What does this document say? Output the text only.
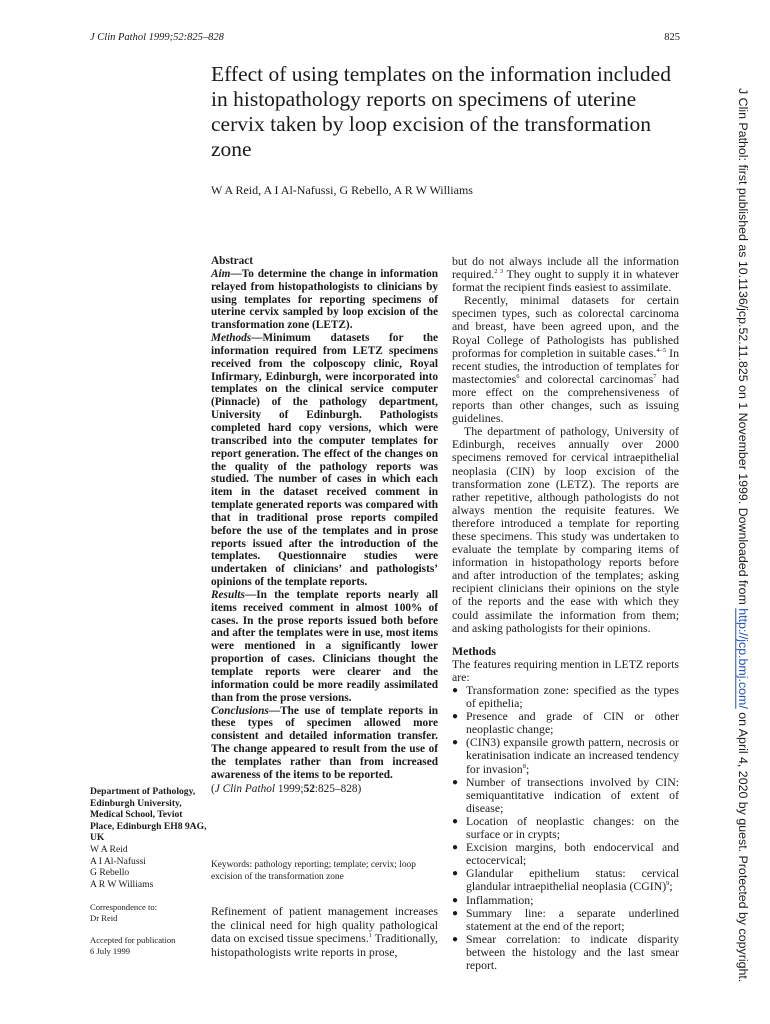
J Clin Pathol 1999;52:825–828	825
Effect of using templates on the information included in histopathology reports on specimens of uterine cervix taken by loop excision of the transformation zone
W A Reid, A I Al-Nafussi, G Rebello, A R W Williams
Department of Pathology, Edinburgh University, Medical School, Teviot Place, Edinburgh EH8 9AG, UK
W A Reid
A I Al-Nafussi
G Rebello
A R W Williams
Correspondence to:
Dr Reid
Accepted for publication
6 July 1999
Abstract
Aim—To determine the change in information relayed from histopathologists to clinicians by using templates for reporting specimens of uterine cervix sampled by loop excision of the transformation zone (LETZ).
Methods—Minimum datasets for the information required from LETZ specimens received from the colposcopy clinic, Royal Infirmary, Edinburgh, were incorporated into templates on the clinical service computer (Pinnacle) of the pathology department, University of Edinburgh. Pathologists completed hard copy versions, which were transcribed into the computer templates for report generation. The effect of the changes on the quality of the pathology reports was studied. The number of cases in which each item in the dataset received comment in template generated reports was compared with that in traditional prose reports compiled before the use of the templates and in prose reports issued after the introduction of the templates. Questionnaire studies were undertaken of clinicians’ and pathologists’ opinions of the template reports.
Results—In the template reports nearly all items received comment in almost 100% of cases. In the prose reports issued both before and after the templates were in use, most items were mentioned in a significantly lower proportion of cases. Clinicians thought the template reports were clearer and the information could be more readily assimilated than from the prose versions.
Conclusions—The use of template reports in these types of specimen allowed more consistent and detailed information transfer. The change appeared to result from the use of the templates rather than from increased awareness of the items to be reported.
(J Clin Pathol 1999;52:825–828)
Keywords: pathology reporting; template; cervix; loop excision of the transformation zone
Refinement of patient management increases the clinical need for high quality pathological data on excised tissue specimens.$^1$ Traditionally, histopathologists write reports in prose,

but do not always include all the information required.$^{2 3}$ They ought to supply it in whatever format the recipient finds easiest to assimilate.

Recently, minimal datasets for certain specimen types, such as colorectal carcinoma and breast, have been agreed upon, and the Royal College of Pathologists has published proformas for completion in suitable cases.$^{4-5}$ In recent studies, the introduction of templates for mastectomies$^6$ and colorectal carcinomas$^7$ had more effect on the comprehensiveness of reports than other changes, such as issuing guidelines.

The department of pathology, University of Edinburgh, receives annually over 2000 specimens removed for cervical intraepithelial neoplasia (CIN) by loop excision of the transformation zone (LETZ). The reports are rather repetitive, although pathologists do not always mention the requisite features. We therefore introduced a template for reporting these specimens. This study was undertaken to evaluate the template by comparing items of information in histopathology reports before and after introduction of the templates; asking recipient clinicians their opinions on the style of the reports and the ease with which they could assimilate the information from them; and asking pathologists for their opinions.

Methods

The features requiring mention in LETZ reports are:

● Transformation zone: specified as the types of epithelia;
● Presence and grade of CIN or other neoplastic change;
● (CIN3) expansile growth pattern, necrosis or keratinisation indicate an increased tendency for invasion$^8$;
● Number of transections involved by CIN: semiquantitative indication of extent of disease;
● Location of neoplastic changes: on the surface or in crypts;
● Excision margins, both endocervical and ectocervical;
● Glandular epithelium status: cervical glandular intraepithelial neoplasia (CGIN)$^9$;
● Inflammation;
● Summary line: a separate underlined statement at the end of the report;
● Smear correlation: to indicate disparity between the histology and the last smear report.
J Clin Pathol: first published as 10.1136/jcp.52.11.825 on 1 November 1999. Downloaded from http://jcp.bmj.com/ on April 4, 2020 by guest. Protected by copyright.
